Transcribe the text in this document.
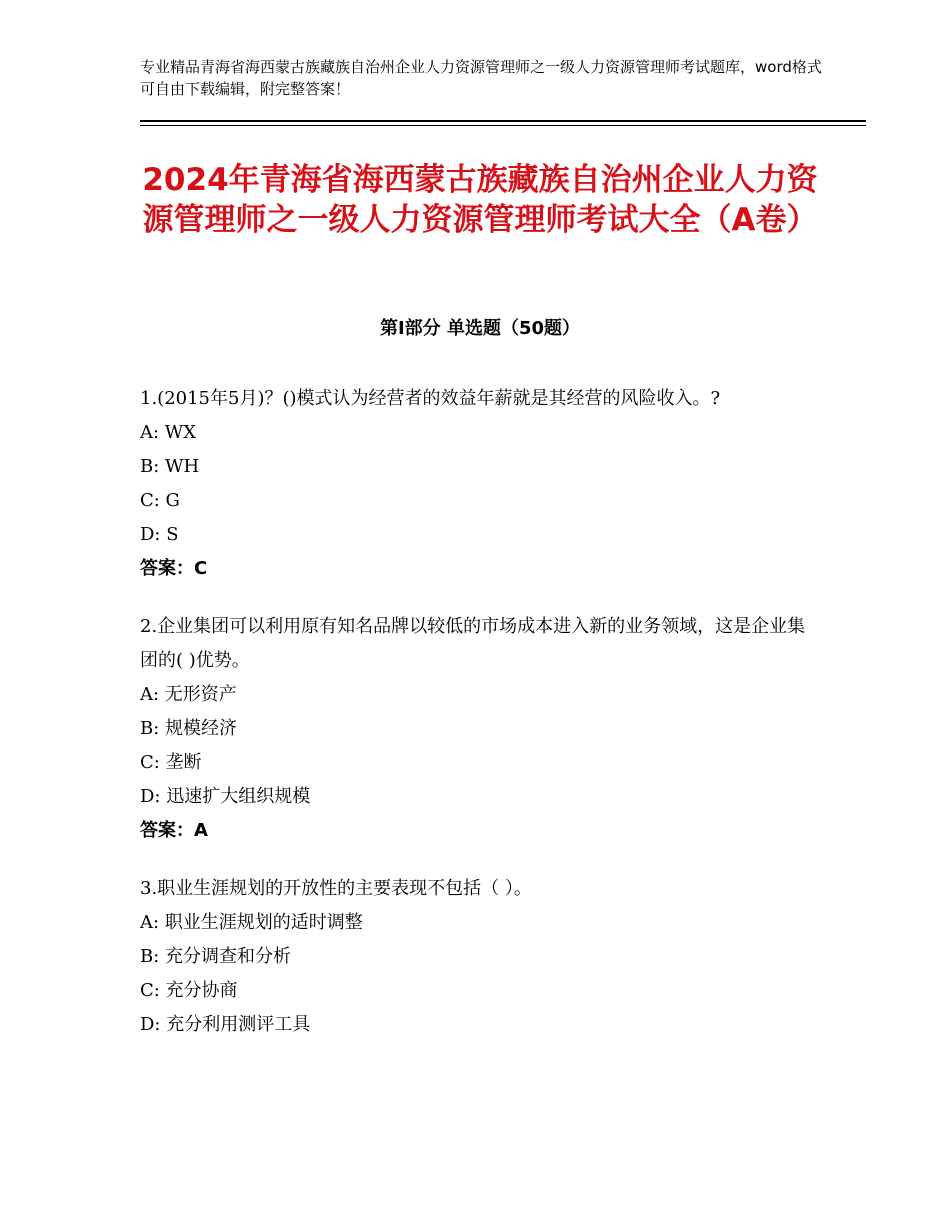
专业精品青海省海西蒙古族藏族自治州企业人力资源管理师之一级人力资源管理师考试题库，word格式可自由下载编辑，附完整答案！
2024年青海省海西蒙古族藏族自治州企业人力资源管理师之一级人力资源管理师考试大全（A卷）
第Ⅰ部分 单选题（50题）
1.(2015年5月)？()模式认为经营者的效益年薪就是其经营的风险收入。?
A: WX
B: WH
C: G
D: S
答案：C
2.企业集团可以利用原有知名品牌以较低的市场成本进入新的业务领域，这是企业集团的( )优势。
A: 无形资产
B: 规模经济
C: 垄断
D: 迅速扩大组织规模
答案：A
3.职业生涯规划的开放性的主要表现不包括（ ）。
A: 职业生涯规划的适时调整
B: 充分调查和分析
C: 充分协商
D: 充分利用测评工具
